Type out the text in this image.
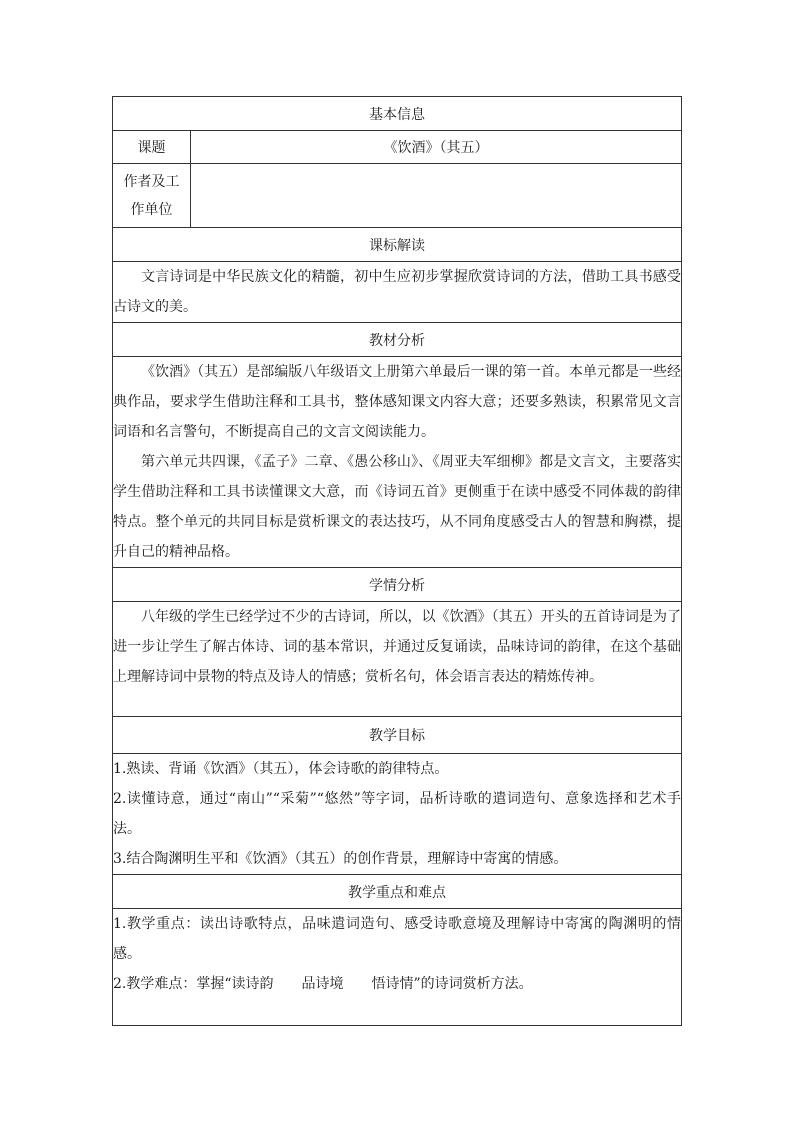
基本信息	
课题	《饮酒》（其五）
作者及工
作单位	
课标解读	

文言诗词是中华民族文化的精髓，初中生应初步掌握欣赏诗词的方法，借助工具书感受古诗文的美。	

教材分析	

《饮酒》（其五）是部编版八年级语文上册第六单最后一课的第一首。本单元都是一些经典作品，要求学生借助注释和工具书，整体感知课文内容大意；还要多熟读，积累常见文言词语和名言警句，不断提高自己的文言文阅读能力。

第六单元共四课，《孟子》二章、《愚公移山》、《周亚夫军细柳》都是文言文，主要落实学生借助注释和工具书读懂课文大意，而《诗词五首》更侧重于在读中感受不同体裁的韵律特点。整个单元的共同目标是赏析课文的表达技巧，从不同角度感受古人的智慧和胸襟，提升自己的精神品格。	

学情分析	

八年级的学生已经学过不少的古诗词，所以，以《饮酒》（其五）开头的五首诗词是为了进一步让学生了解古体诗、词的基本常识，并通过反复诵读，品味诗词的韵律，在这个基础上理解诗词中景物的特点及诗人的情感；赏析名句，体会语言表达的精炼传神。	

教学目标	

1.熟读、背诵《饮酒》（其五），体会诗歌的韵律特点。

2.读懂诗意，通过“南山”“采菊”“悠然”等字词，品析诗歌的遣词造句、意象选择和艺术手法。

3.结合陶渊明生平和《饮酒》（其五）的创作背景，理解诗中寄寓的情感。	

教学重点和难点	

1.教学重点：读出诗歌特点，品味遣词造句、感受诗歌意境及理解诗中寄寓的陶渊明的情感。

2.教学难点：掌握“读诗韵　　品诗境　　悟诗情”的诗词赏析方法。	
